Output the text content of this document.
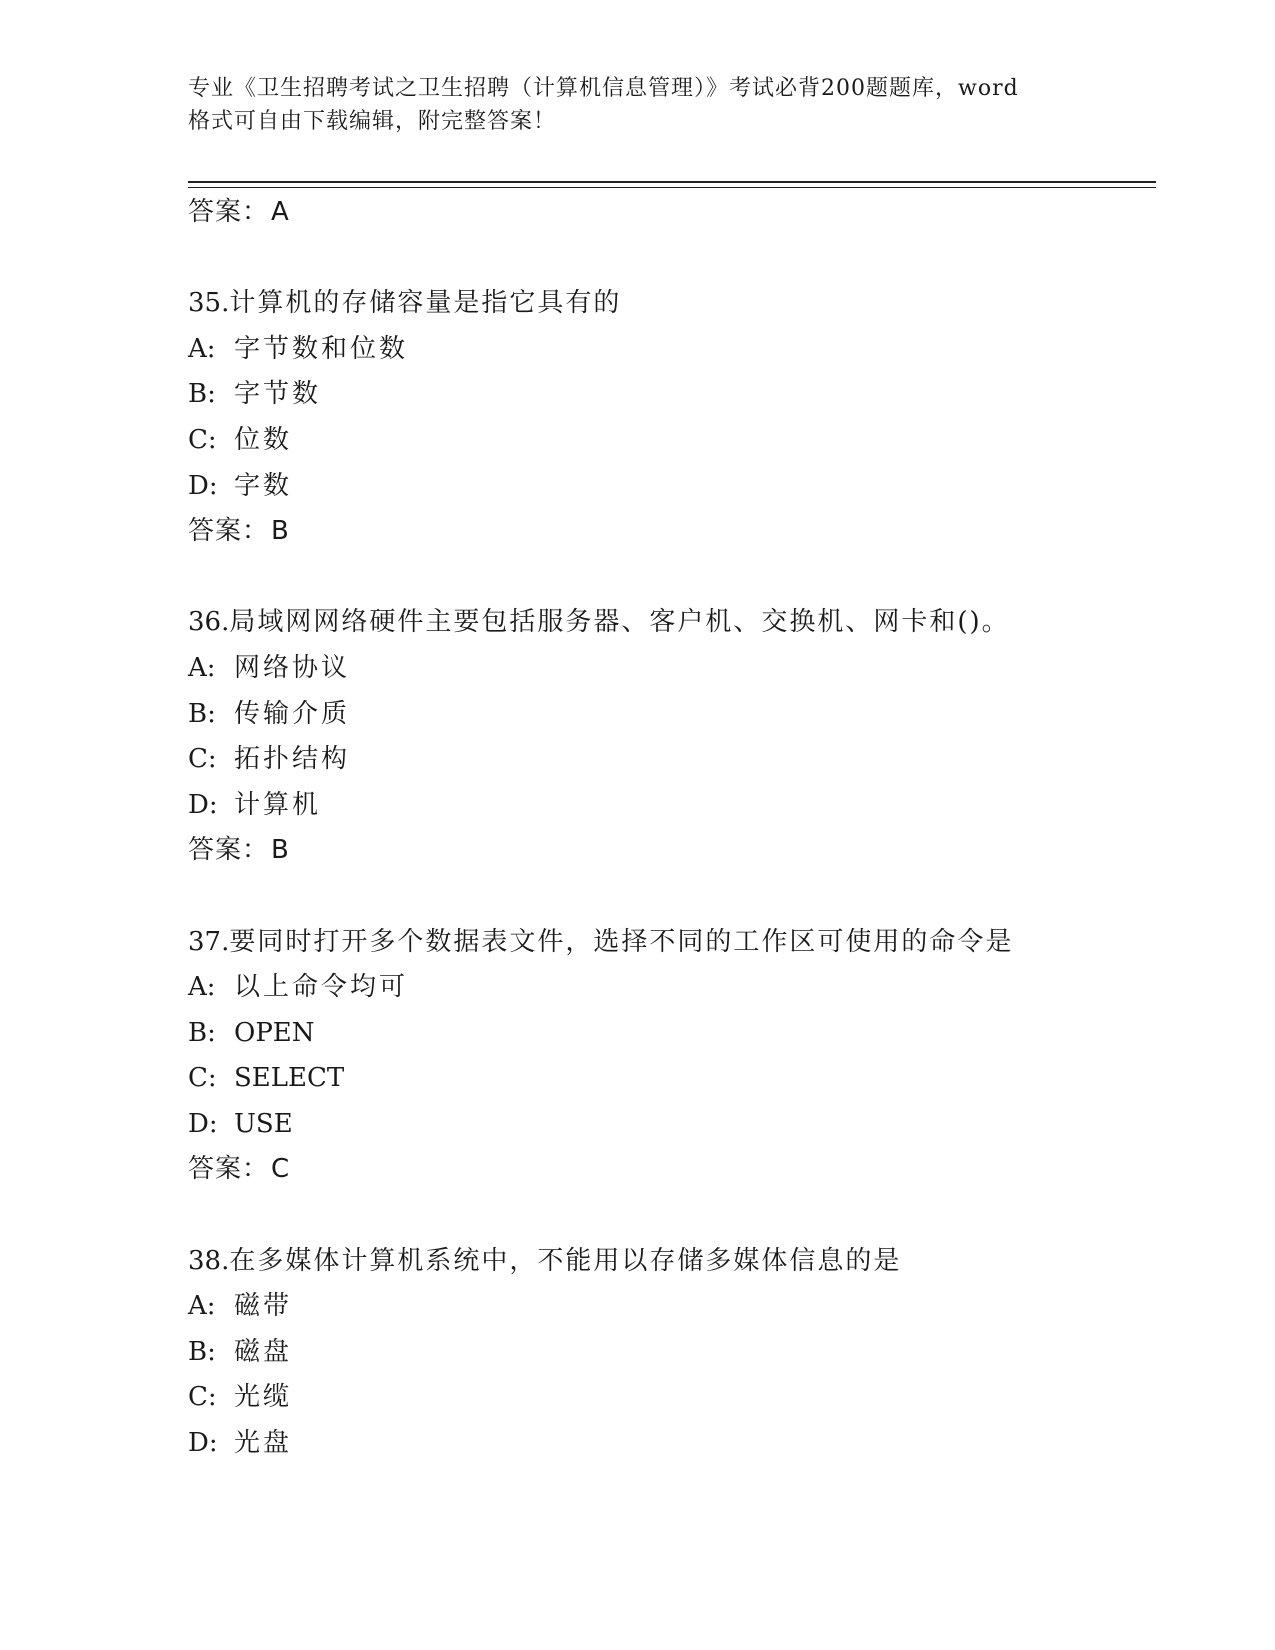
专业《卫生招聘考试之卫生招聘（计算机信息管理）》考试必背200题题库，word
格式可自由下载编辑，附完整答案！
答案：A
35.计算机的存储容量是指它具有的
A: 字节数和位数
B: 字节数
C: 位数
D: 字数
答案：B
36.局域网网络硬件主要包括服务器、客户机、交换机、网卡和()。
A: 网络协议
B: 传输介质
C: 拓扑结构
D: 计算机
答案：B
37.要同时打开多个数据表文件，选择不同的工作区可使用的命令是
A: 以上命令均可
B: OPEN
C: SELECT
D: USE
答案：C
38.在多媒体计算机系统中，不能用以存储多媒体信息的是
A: 磁带
B: 磁盘
C: 光缆
D: 光盘
